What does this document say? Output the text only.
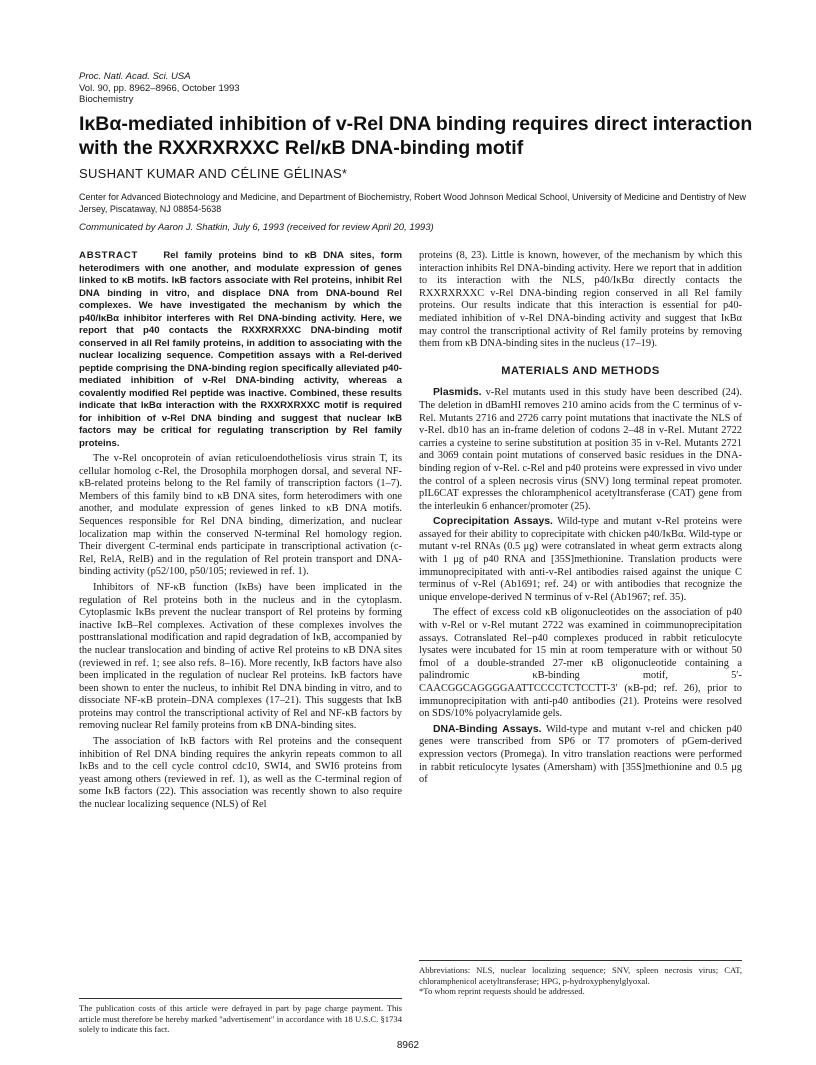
Proc. Natl. Acad. Sci. USA
Vol. 90, pp. 8962–8966, October 1993
Biochemistry
IκBα-mediated inhibition of v-Rel DNA binding requires direct interaction with the RXXRXRXXC Rel/κB DNA-binding motif
SUSHANT KUMAR AND CÉLINE GÉLINAS*
Center for Advanced Biotechnology and Medicine, and Department of Biochemistry, Robert Wood Johnson Medical School, University of Medicine and Dentistry of New Jersey, Piscataway, NJ 08854-5638
Communicated by Aaron J. Shatkin, July 6, 1993 (received for review April 20, 1993)

ABSTRACT	Rel family proteins bind to κB DNA sites, form heterodimers with one another, and modulate expression of genes linked to κB motifs. IκB factors associate with Rel proteins, inhibit Rel DNA binding in vitro, and displace DNA from DNA-bound Rel complexes. We have investigated the mechanism by which the p40/IκBα inhibitor interferes with Rel DNA-binding activity. Here, we report that p40 contacts the RXXRXRXXC DNA-binding motif conserved in all Rel family proteins, in addition to associating with the nuclear localizing sequence. Competition assays with a Rel-derived peptide comprising the DNA-binding region specifically alleviated p40-mediated inhibition of v-Rel DNA-binding activity, whereas a covalently modified Rel peptide was inactive. Combined, these results indicate that IκBα interaction with the RXXRXRXXC motif is required for inhibition of v-Rel DNA binding and suggest that nuclear IκB factors may be critical for regulating transcription by Rel family proteins.

The v-Rel oncoprotein of avian reticuloendotheliosis virus strain T, its cellular homolog c-Rel, the Drosophila morphogen dorsal, and several NF-κB-related proteins belong to the Rel family of transcription factors (1–7). Members of this family bind to κB DNA sites, form heterodimers with one another, and modulate expression of genes linked to κB DNA motifs. Sequences responsible for Rel DNA binding, dimerization, and nuclear localization map within the conserved N-terminal Rel homology region. Their divergent C-terminal ends participate in transcriptional activation (c-Rel, RelA, RelB) and in the regulation of Rel protein transport and DNA-binding activity (p52/100, p50/105; reviewed in ref. 1).

Inhibitors of NF-κB function (IκBs) have been implicated in the regulation of Rel proteins both in the nucleus and in the cytoplasm. Cytoplasmic IκBs prevent the nuclear transport of Rel proteins by forming inactive IκB–Rel complexes. Activation of these complexes involves the posttranslational modification and rapid degradation of IκB, accompanied by the nuclear translocation and binding of active Rel proteins to κB DNA sites (reviewed in ref. 1; see also refs. 8–16). More recently, IκB factors have also been implicated in the regulation of nuclear Rel proteins. IκB factors have been shown to enter the nucleus, to inhibit Rel DNA binding in vitro, and to dissociate NF-κB protein–DNA complexes (17–21). This suggests that IκB proteins may control the transcriptional activity of Rel and NF-κB factors by removing nuclear Rel family proteins from κB DNA-binding sites.

The association of IκB factors with Rel proteins and the consequent inhibition of Rel DNA binding requires the ankyrin repeats common to all IκBs and to the cell cycle control cdc10, SWI4, and SWI6 proteins from yeast among others (reviewed in ref. 1), as well as the C-terminal region of some IκB factors (22). This association was recently shown to also require the nuclear localizing sequence (NLS) of Rel

proteins (8, 23). Little is known, however, of the mechanism by which this interaction inhibits Rel DNA-binding activity. Here we report that in addition to its interaction with the NLS, p40/IκBα directly contacts the RXXRXRXXC v-Rel DNA-binding region conserved in all Rel family proteins. Our results indicate that this interaction is essential for p40-mediated inhibition of v-Rel DNA-binding activity and suggest that IκBα may control the transcriptional activity of Rel family proteins by removing them from κB DNA-binding sites in the nucleus (17–19).

MATERIALS AND METHODS

Plasmids. v-Rel mutants used in this study have been described (24). The deletion in dBamHI removes 210 amino acids from the C terminus of v-Rel. Mutants 2716 and 2726 carry point mutations that inactivate the NLS of v-Rel. db10 has an in-frame deletion of codons 2–48 in v-Rel. Mutant 2722 carries a cysteine to serine substitution at position 35 in v-Rel. Mutants 2721 and 3069 contain point mutations of conserved basic residues in the DNA-binding region of v-Rel. c-Rel and p40 proteins were expressed in vivo under the control of a spleen necrosis virus (SNV) long terminal repeat promoter. pIL6CAT expresses the chloramphenicol acetyltransferase (CAT) gene from the interleukin 6 enhancer/promoter (25).

Coprecipitation Assays. Wild-type and mutant v-Rel proteins were assayed for their ability to coprecipitate with chicken p40/IκBα. Wild-type or mutant v-rel RNAs (0.5 μg) were cotranslated in wheat germ extracts along with 1 μg of p40 RNA and [35S]methionine. Translation products were immunoprecipitated with anti-v-Rel antibodies raised against the unique C terminus of v-Rel (Ab1691; ref. 24) or with antibodies that recognize the unique envelope-derived N terminus of v-Rel (Ab1967; ref. 35).

The effect of excess cold κB oligonucleotides on the association of p40 with v-Rel or v-Rel mutant 2722 was examined in coimmunoprecipitation assays. Cotranslated Rel–p40 complexes produced in rabbit reticulocyte lysates were incubated for 15 min at room temperature with or without 50 fmol of a double-stranded 27-mer κB oligonucleotide containing a palindromic κB-binding motif, 5′-CAACGGCAGGGGAATTCCCCTCTCCTT-3′ (κB-pd; ref. 26), prior to immunoprecipitation with anti-p40 antibodies (21). Proteins were resolved on SDS/10% polyacrylamide gels.

DNA-Binding Assays. Wild-type and mutant v-rel and chicken p40 genes were transcribed from SP6 or T7 promoters of pGem-derived expression vectors (Promega). In vitro translation reactions were performed in rabbit reticulocyte lysates (Amersham) with [35S]methionine and 0.5 μg of

The publication costs of this article were defrayed in part by page charge payment. This article must therefore be hereby marked "advertisement" in accordance with 18 U.S.C. §1734 solely to indicate this fact.
Abbreviations: NLS, nuclear localizing sequence; SNV, spleen necrosis virus; CAT, chloramphenicol acetyltransferase; HPG, p-hydroxyphenylglyoxal.
*To whom reprint requests should be addressed.
8962
